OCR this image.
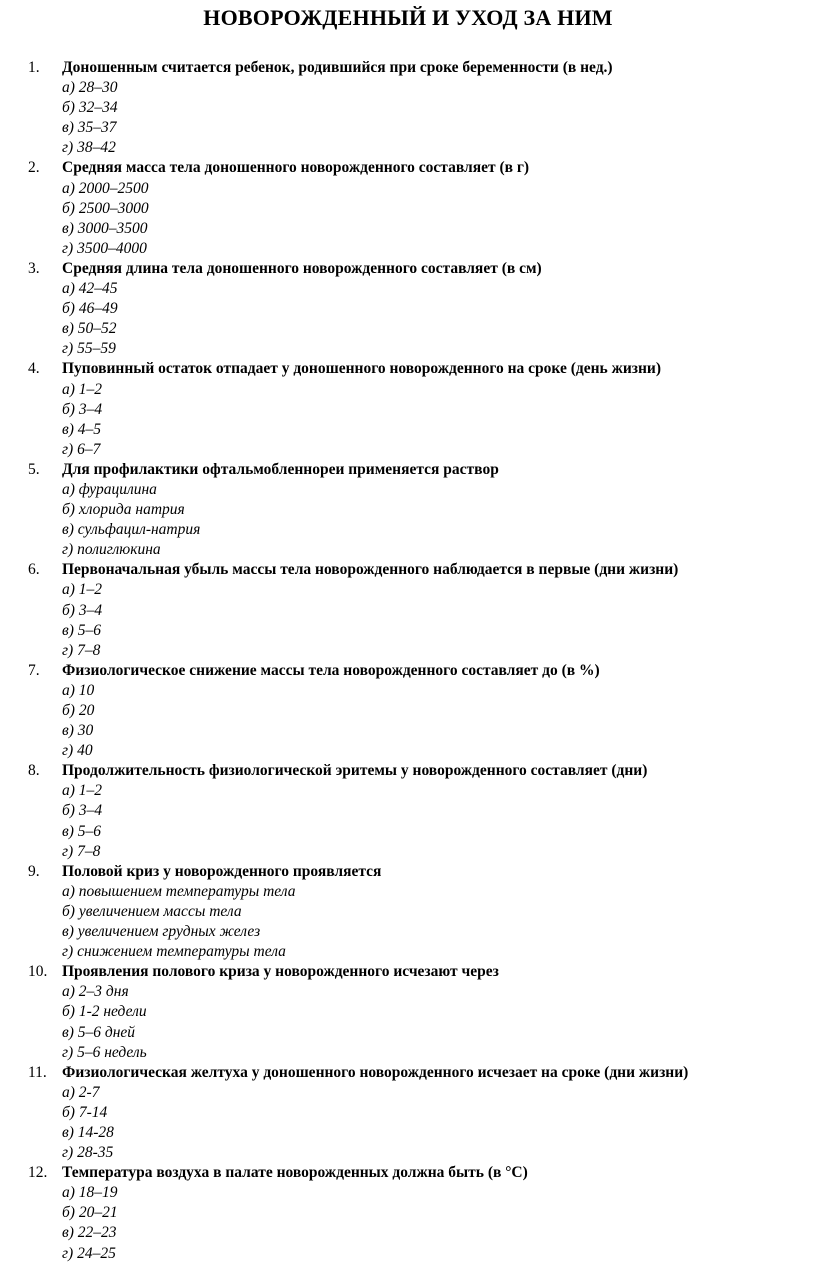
НОВОРОЖДЕННЫЙ И УХОД ЗА НИМ
1.	Доношенным считается ребенок, родившийся при сроке беременности (в нед.)
а) 28–30
б) 32–34
в) 35–37
г) 38–42
2.	Средняя масса тела доношенного новорожденного составляет (в г)
а) 2000–2500
б) 2500–3000
в) 3000–3500
г) 3500–4000
3.	Средняя длина тела доношенного новорожденного составляет (в см)
а) 42–45
б) 46–49
в) 50–52
г) 55–59
4.	Пуповинный остаток отпадает у доношенного новорожденного на сроке (день жизни)
а) 1–2
б) 3–4
в) 4–5
г) 6–7
5.	Для профилактики офтальмобленнореи применяется раствор
а) фурацилина
б) хлорида натрия
в) сульфацил-натрия
г) полиглюкина
6.	Первоначальная убыль массы тела новорожденного наблюдается в первые (дни жизни)
а) 1–2
б) 3–4
в) 5–6
г) 7–8
7.	Физиологическое снижение массы тела новорожденного составляет до (в %)
а) 10
б) 20
в) 30
г) 40
8.	Продолжительность физиологической эритемы у новорожденного составляет (дни)
а) 1–2
б) 3–4
в) 5–6
г) 7–8
9.	Половой криз у новорожденного проявляется
а) повышением температуры тела
б) увеличением массы тела
в) увеличением грудных желез
г) снижением температуры тела
10. Проявления полового криза у новорожденного исчезают через
а) 2–3 дня
б) 1-2 недели
в) 5–6 дней
г) 5–6 недель
11. Физиологическая желтуха у доношенного новорожденного исчезает на сроке (дни жизни)
а) 2-7
б) 7-14
в) 14-28
г) 28-35
12. Температура воздуха в палате новорожденных должна быть (в °С)
а) 18–19
б) 20–21
в) 22–23
г) 24–25
